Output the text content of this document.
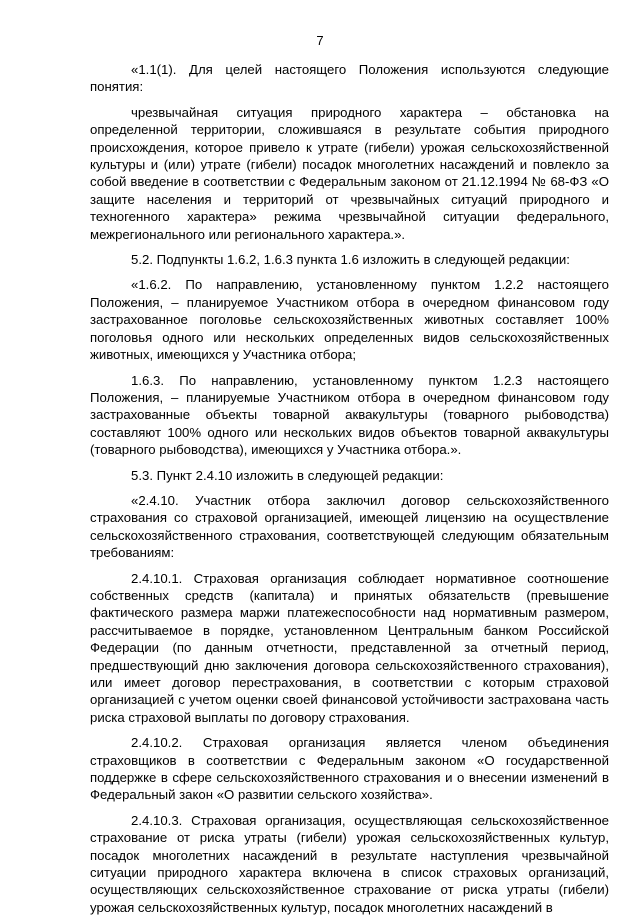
7

«1.1(1). Для целей настоящего Положения используются следующие понятия:

чрезвычайная ситуация природного характера – обстановка на определенной территории, сложившаяся в результате события природного происхождения, которое привело к утрате (гибели) урожая сельскохозяйственной культуры и (или) утрате (гибели) посадок многолетних насаждений и повлекло за собой введение в соответствии с Федеральным законом от 21.12.1994 № 68-ФЗ «О защите населения и территорий от чрезвычайных ситуаций природного и техногенного характера» режима чрезвычайной ситуации федерального, межрегионального или регионального характера.».

5.2. Подпункты 1.6.2, 1.6.3 пункта 1.6 изложить в следующей редакции:

«1.6.2. По направлению, установленному пунктом 1.2.2 настоящего Положения, – планируемое Участником отбора в очередном финансовом году застрахованное поголовье сельскохозяйственных животных составляет 100% поголовья одного или нескольких определенных видов сельскохозяйственных животных, имеющихся у Участника отбора;

1.6.3. По направлению, установленному пунктом 1.2.3 настоящего Положения, – планируемые Участником отбора в очередном финансовом году застрахованные объекты товарной аквакультуры (товарного рыбоводства) составляют 100% одного или нескольких видов объектов товарной аквакультуры (товарного рыбоводства), имеющихся у Участника отбора.».

5.3. Пункт 2.4.10 изложить в следующей редакции:

«2.4.10. Участник отбора заключил договор сельскохозяйственного страхования со страховой организацией, имеющей лицензию на осуществление сельскохозяйственного страхования, соответствующей следующим обязательным требованиям:

2.4.10.1. Страховая организация соблюдает нормативное соотношение собственных средств (капитала) и принятых обязательств (превышение фактического размера маржи платежеспособности над нормативным размером, рассчитываемое в порядке, установленном Центральным банком Российской Федерации (по данным отчетности, представленной за отчетный период, предшествующий дню заключения договора сельскохозяйственного страхования), или имеет договор перестрахования, в соответствии с которым страховой организацией с учетом оценки своей финансовой устойчивости застрахована часть риска страховой выплаты по договору страхования.

2.4.10.2. Страховая организация является членом объединения страховщиков в соответствии с Федеральным законом «О государственной поддержке в сфере сельскохозяйственного страхования и о внесении изменений в Федеральный закон «О развитии сельского хозяйства».

2.4.10.3. Страховая организация, осуществляющая сельскохозяйственное страхование от риска утраты (гибели) урожая сельскохозяйственных культур, посадок многолетних насаждений в результате наступления чрезвычайной ситуации природного характера включена в список страховых организаций, осуществляющих сельскохозяйственное страхование от риска утраты (гибели) урожая сельскохозяйственных культур, посадок многолетних насаждений в
